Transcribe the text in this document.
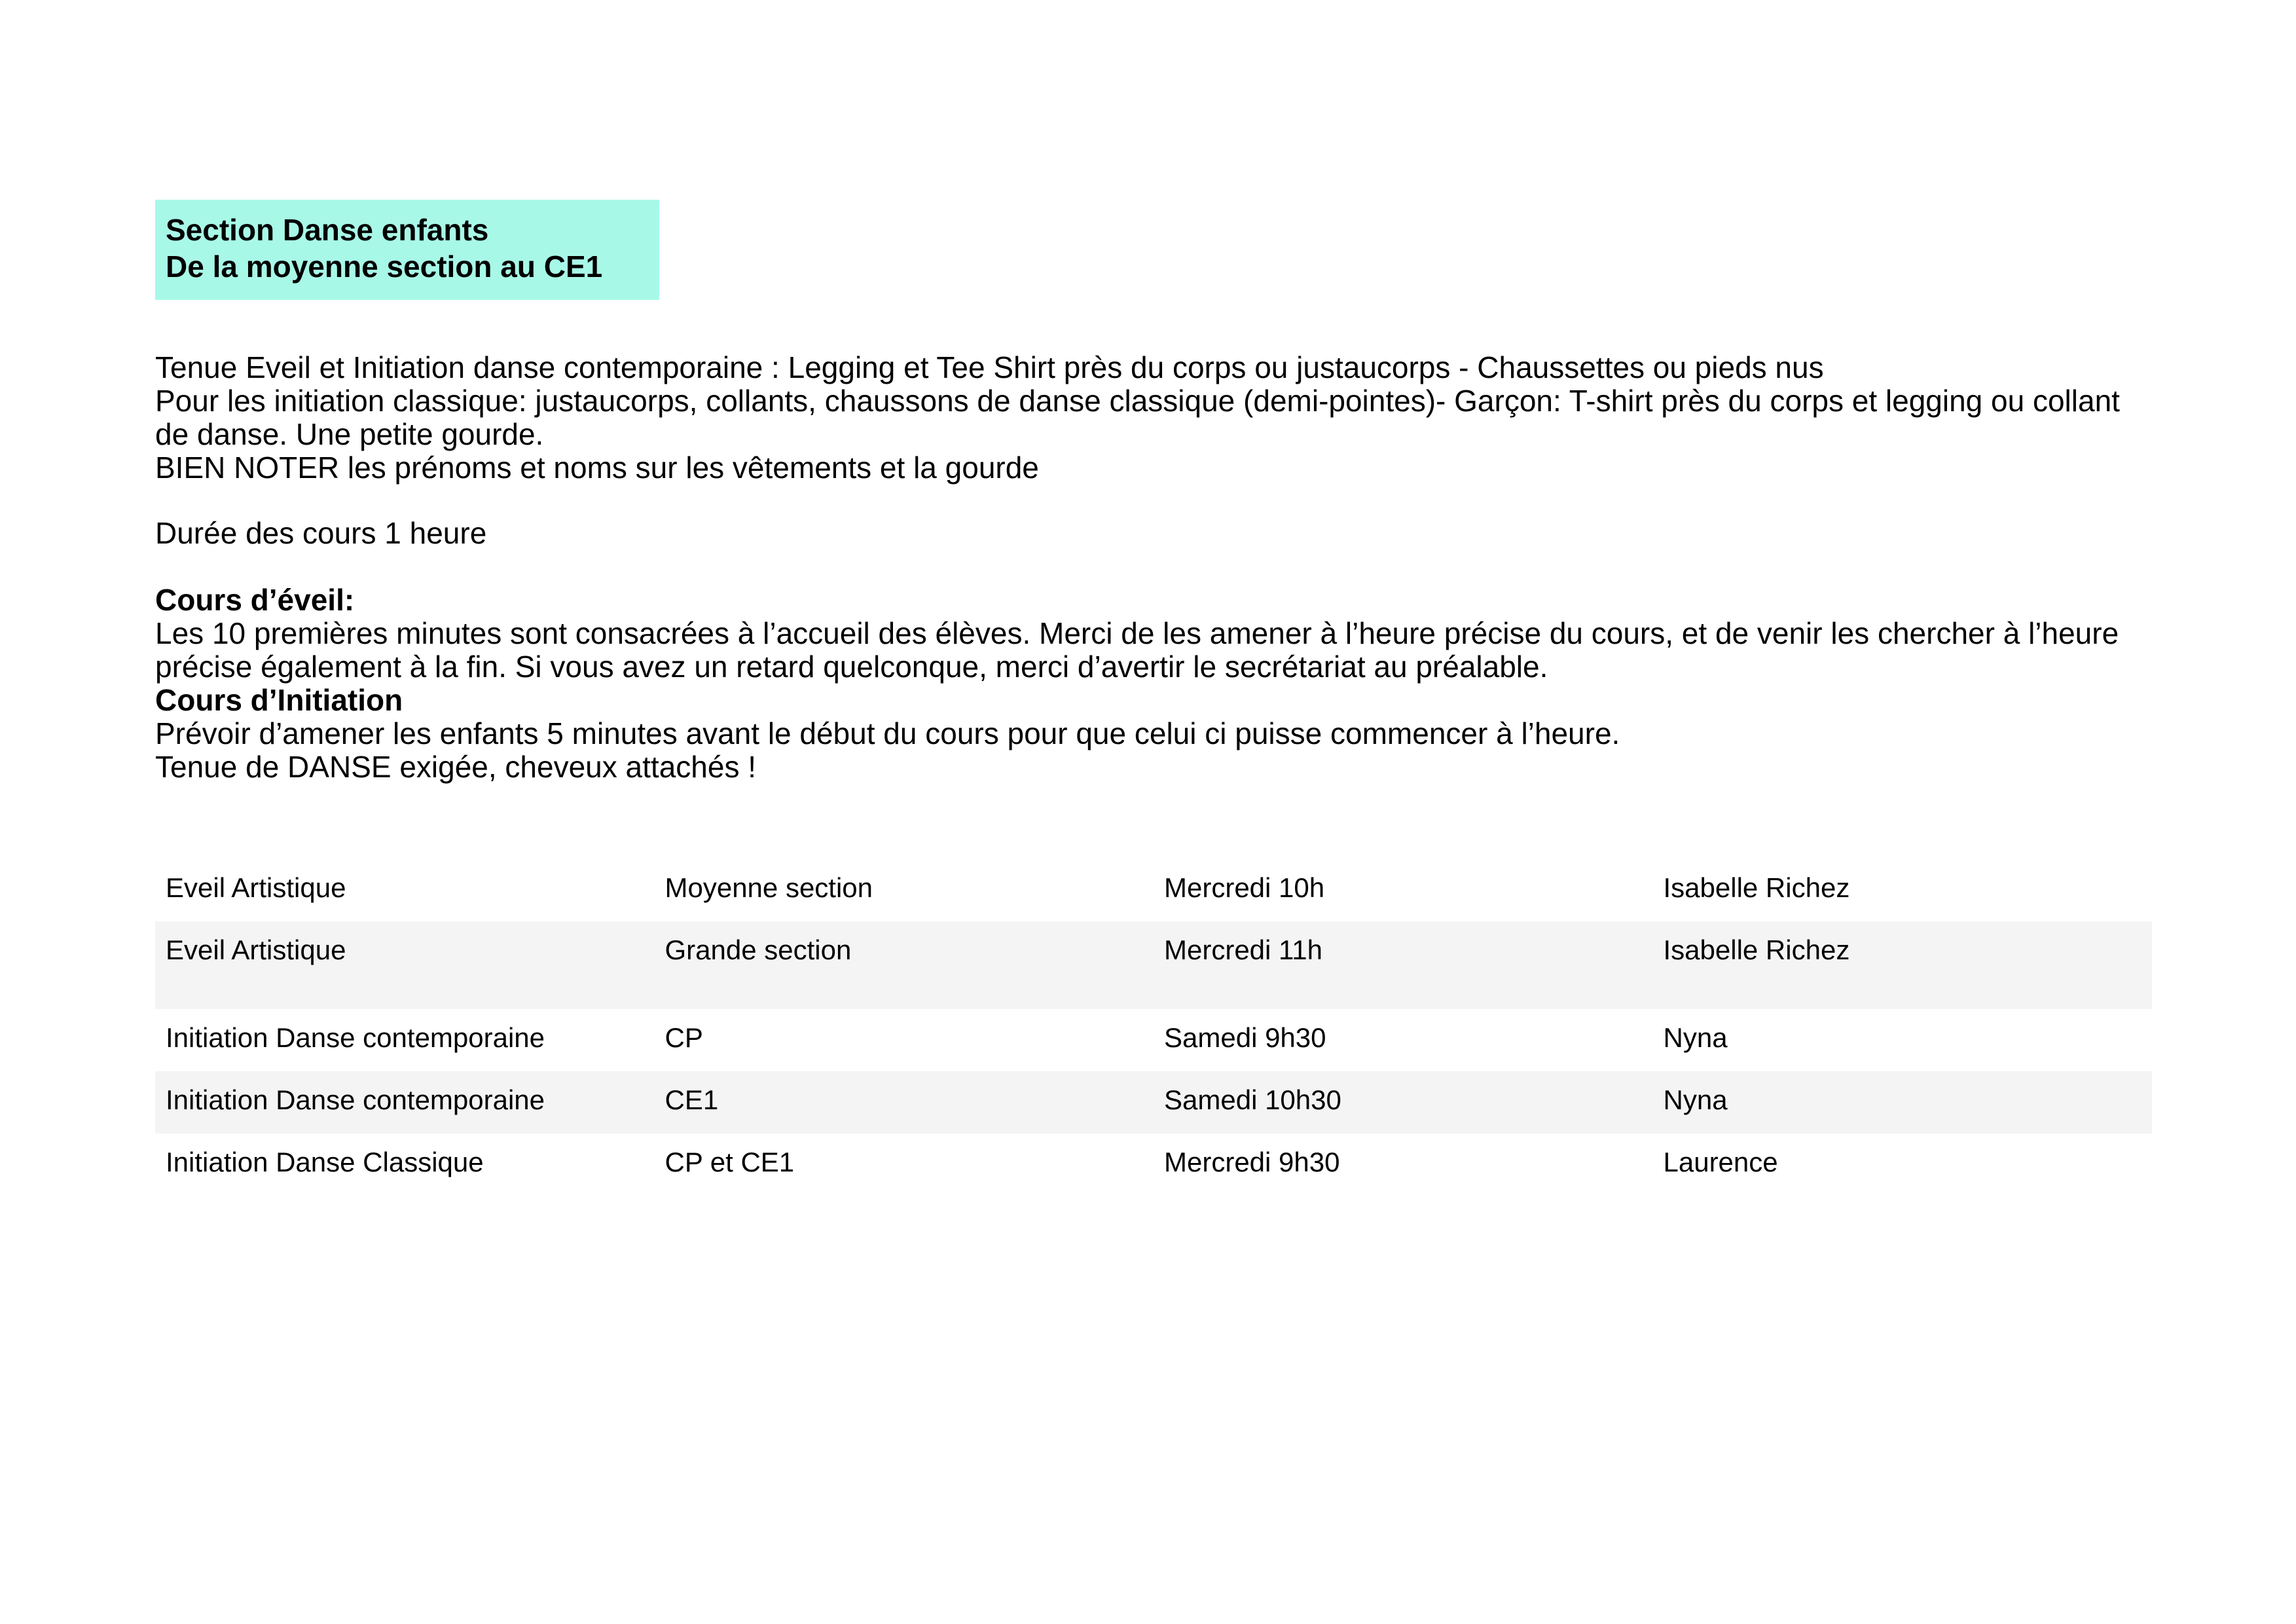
Section Danse enfants
De la moyenne section au CE1

Tenue Eveil et Initiation danse contemporaine : Legging et Tee Shirt près du corps ou justaucorps - Chaussettes ou pieds nus

Pour les initiation classique: justaucorps, collants, chaussons de danse classique (demi-pointes)- Garçon: T-shirt près du corps et legging ou collant de danse. Une petite gourde.

BIEN NOTER les prénoms et noms sur les vêtements et la gourde

Durée des cours 1 heure

Cours d’éveil:

Les 10 premières minutes sont consacrées à l’accueil des élèves. Merci de les amener à l’heure précise du cours, et de venir les chercher à l’heure précise également à la fin. Si vous avez un retard quelconque, merci d’avertir le secrétariat au préalable.

Cours d’Initiation

Prévoir d’amener les enfants 5 minutes avant le début du cours pour que celui ci puisse commencer à l’heure.

Tenue de DANSE exigée, cheveux attachés !

Eveil Artistique	Moyenne section	Mercredi 10h	Isabelle Richez
Eveil Artistique	Grande section	Mercredi 11h	Isabelle Richez
Initiation Danse contemporaine	CP	Samedi 9h30	Nyna
Initiation Danse contemporaine	CE1	Samedi 10h30	Nyna
Initiation Danse Classique	CP et CE1	Mercredi 9h30	Laurence
